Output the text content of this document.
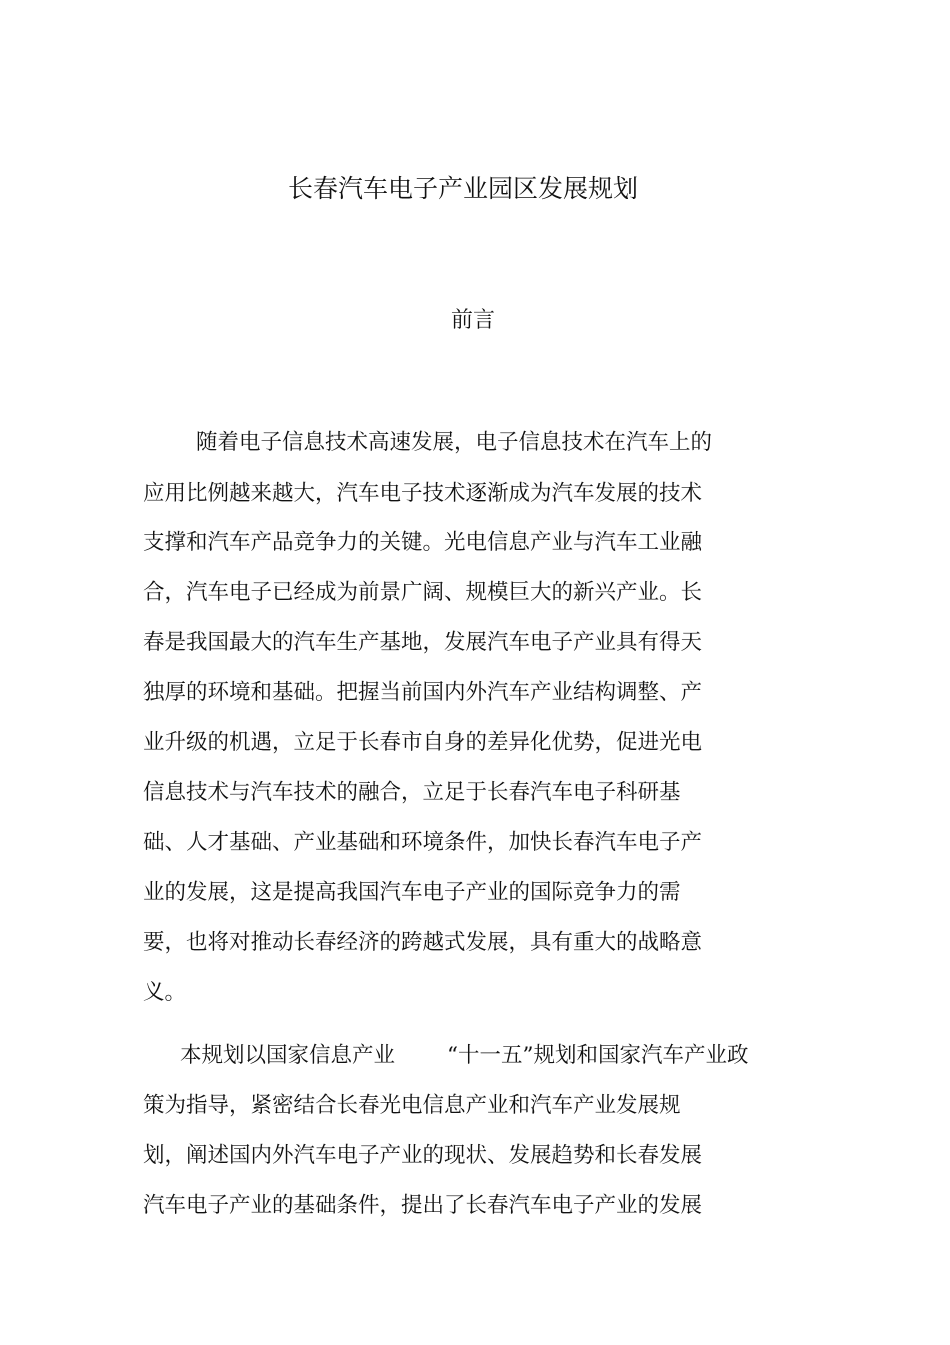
长春汽车电子产业园区发展规划
前言
随着电子信息技术高速发展，电子信息技术在汽车上的
应用比例越来越大，汽车电子技术逐渐成为汽车发展的技术
支撑和汽车产品竞争力的关键。光电信息产业与汽车工业融
合，汽车电子已经成为前景广阔、规模巨大的新兴产业。长
春是我国最大的汽车生产基地，发展汽车电子产业具有得天
独厚的环境和基础。把握当前国内外汽车产业结构调整、产
业升级的机遇，立足于长春市自身的差异化优势，促进光电
信息技术与汽车技术的融合，立足于长春汽车电子科研基
础、人才基础、产业基础和环境条件，加快长春汽车电子产
业的发展，这是提高我国汽车电子产业的国际竞争力的需
要，也将对推动长春经济的跨越式发展，具有重大的战略意
义。
本规划以国家信息产业 “十一五”规划和国家汽车产业政
策为指导，紧密结合长春光电信息产业和汽车产业发展规
划，阐述国内外汽车电子产业的现状、发展趋势和长春发展
汽车电子产业的基础条件，提出了长春汽车电子产业的发展
